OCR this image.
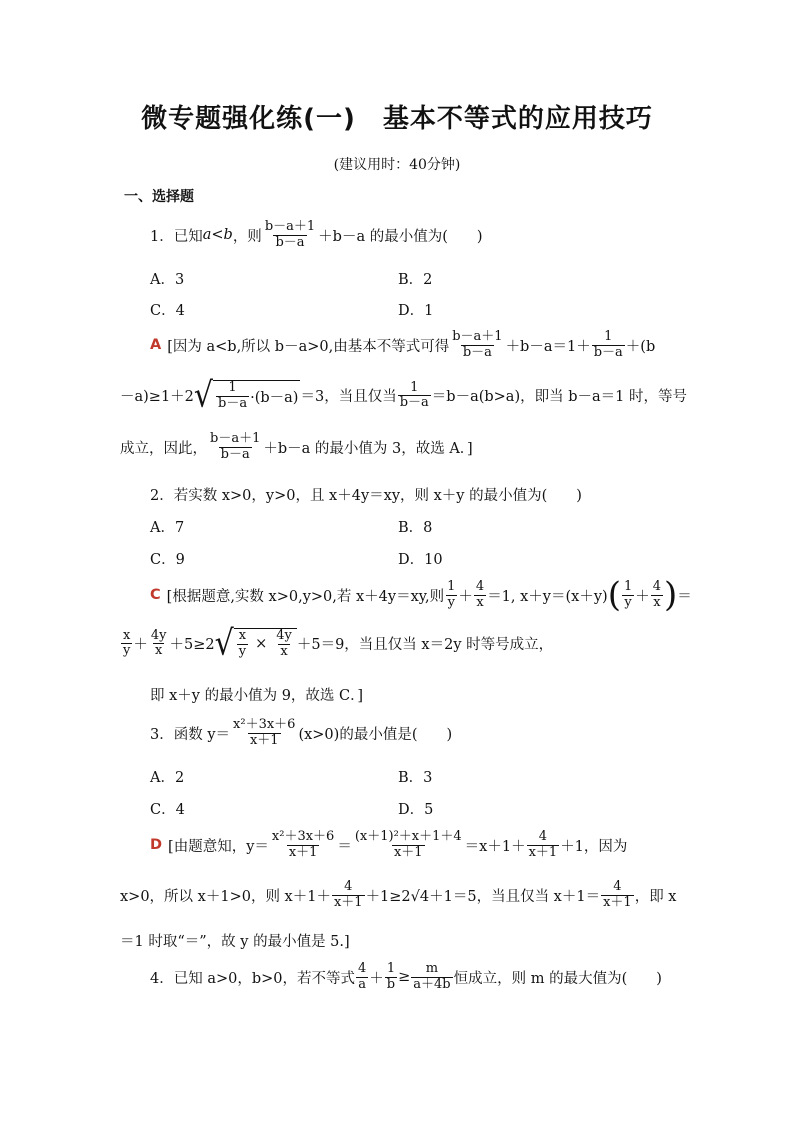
微专题强化练(一)　基本不等式的应用技巧
(建议用时：40分钟)
一、选择题
1．已知 a<b ，则 $\frac{b-a+1}{b-a} +b-a$ 的最小值为(　　)
A．3	B．2
C．4	D．1
A [因为 a<b,所以 b－a>0,由基本不等式可得 $\frac{b-a+1}{b-a} +b-a=1+ \frac{1}{b-a} +(b$
－a)≥1＋2 √ $\frac{1}{b-a} \cdot(b-a) =3$，当且仅当 $\frac{1}{b-a} =b-a(b>a)$，即当 b－a＝1 时，等号
成立，因此， $\frac{b-a+1}{b-a} +b-a$ 的最小值为 3，故选 A．]
2．若实数 x>0，y>0，且 x＋4y＝xy，则 x＋y 的最小值为(　　)
A．7	B．8
C．9	D．10
C [根据题意,实数 x>0,y>0,若 x＋4y＝xy,则 $\frac{1}{y} + \frac{4}{x} =1$, x＋y＝(x＋y) ( $\frac{1}{y} + \frac{4}{x}$ ) ＝
$\frac{x}{y} + \frac{4y}{x} +5\ge 2$ √ $\frac{x}{y} \times \frac{4y}{x} +5=9$，当且仅当 x＝2y 时等号成立，
即 x＋y 的最小值为 9，故选 C．]
3．函数 $y= \frac{\text{x²＋3x＋6}}{x+1} (x>0)$的最小值是(　　)
A．2	B．3
C．4	D．5
D [由题意知，$y= \frac{\text{x²＋3x＋6}}{x+1} = \frac{\text{(x＋1)²＋x＋1＋4}}{x+1} =x+1+ \frac{4}{x+1} +1$，因为
x>0，所以 x＋1>0，则 $x+1+ \frac{4}{x+1} +1\ge 2√4+1=5$，当且仅当 $x+1= \frac{4}{x+1}$ ，即 x
＝1 时取“＝”，故 y 的最小值是 5.]
4．已知 a>0，b>0，若不等式 $\frac{4}{a} + \frac{1}{b} \ge \frac{m}{a+4b}$ 恒成立，则 m 的最大值为(　　)
